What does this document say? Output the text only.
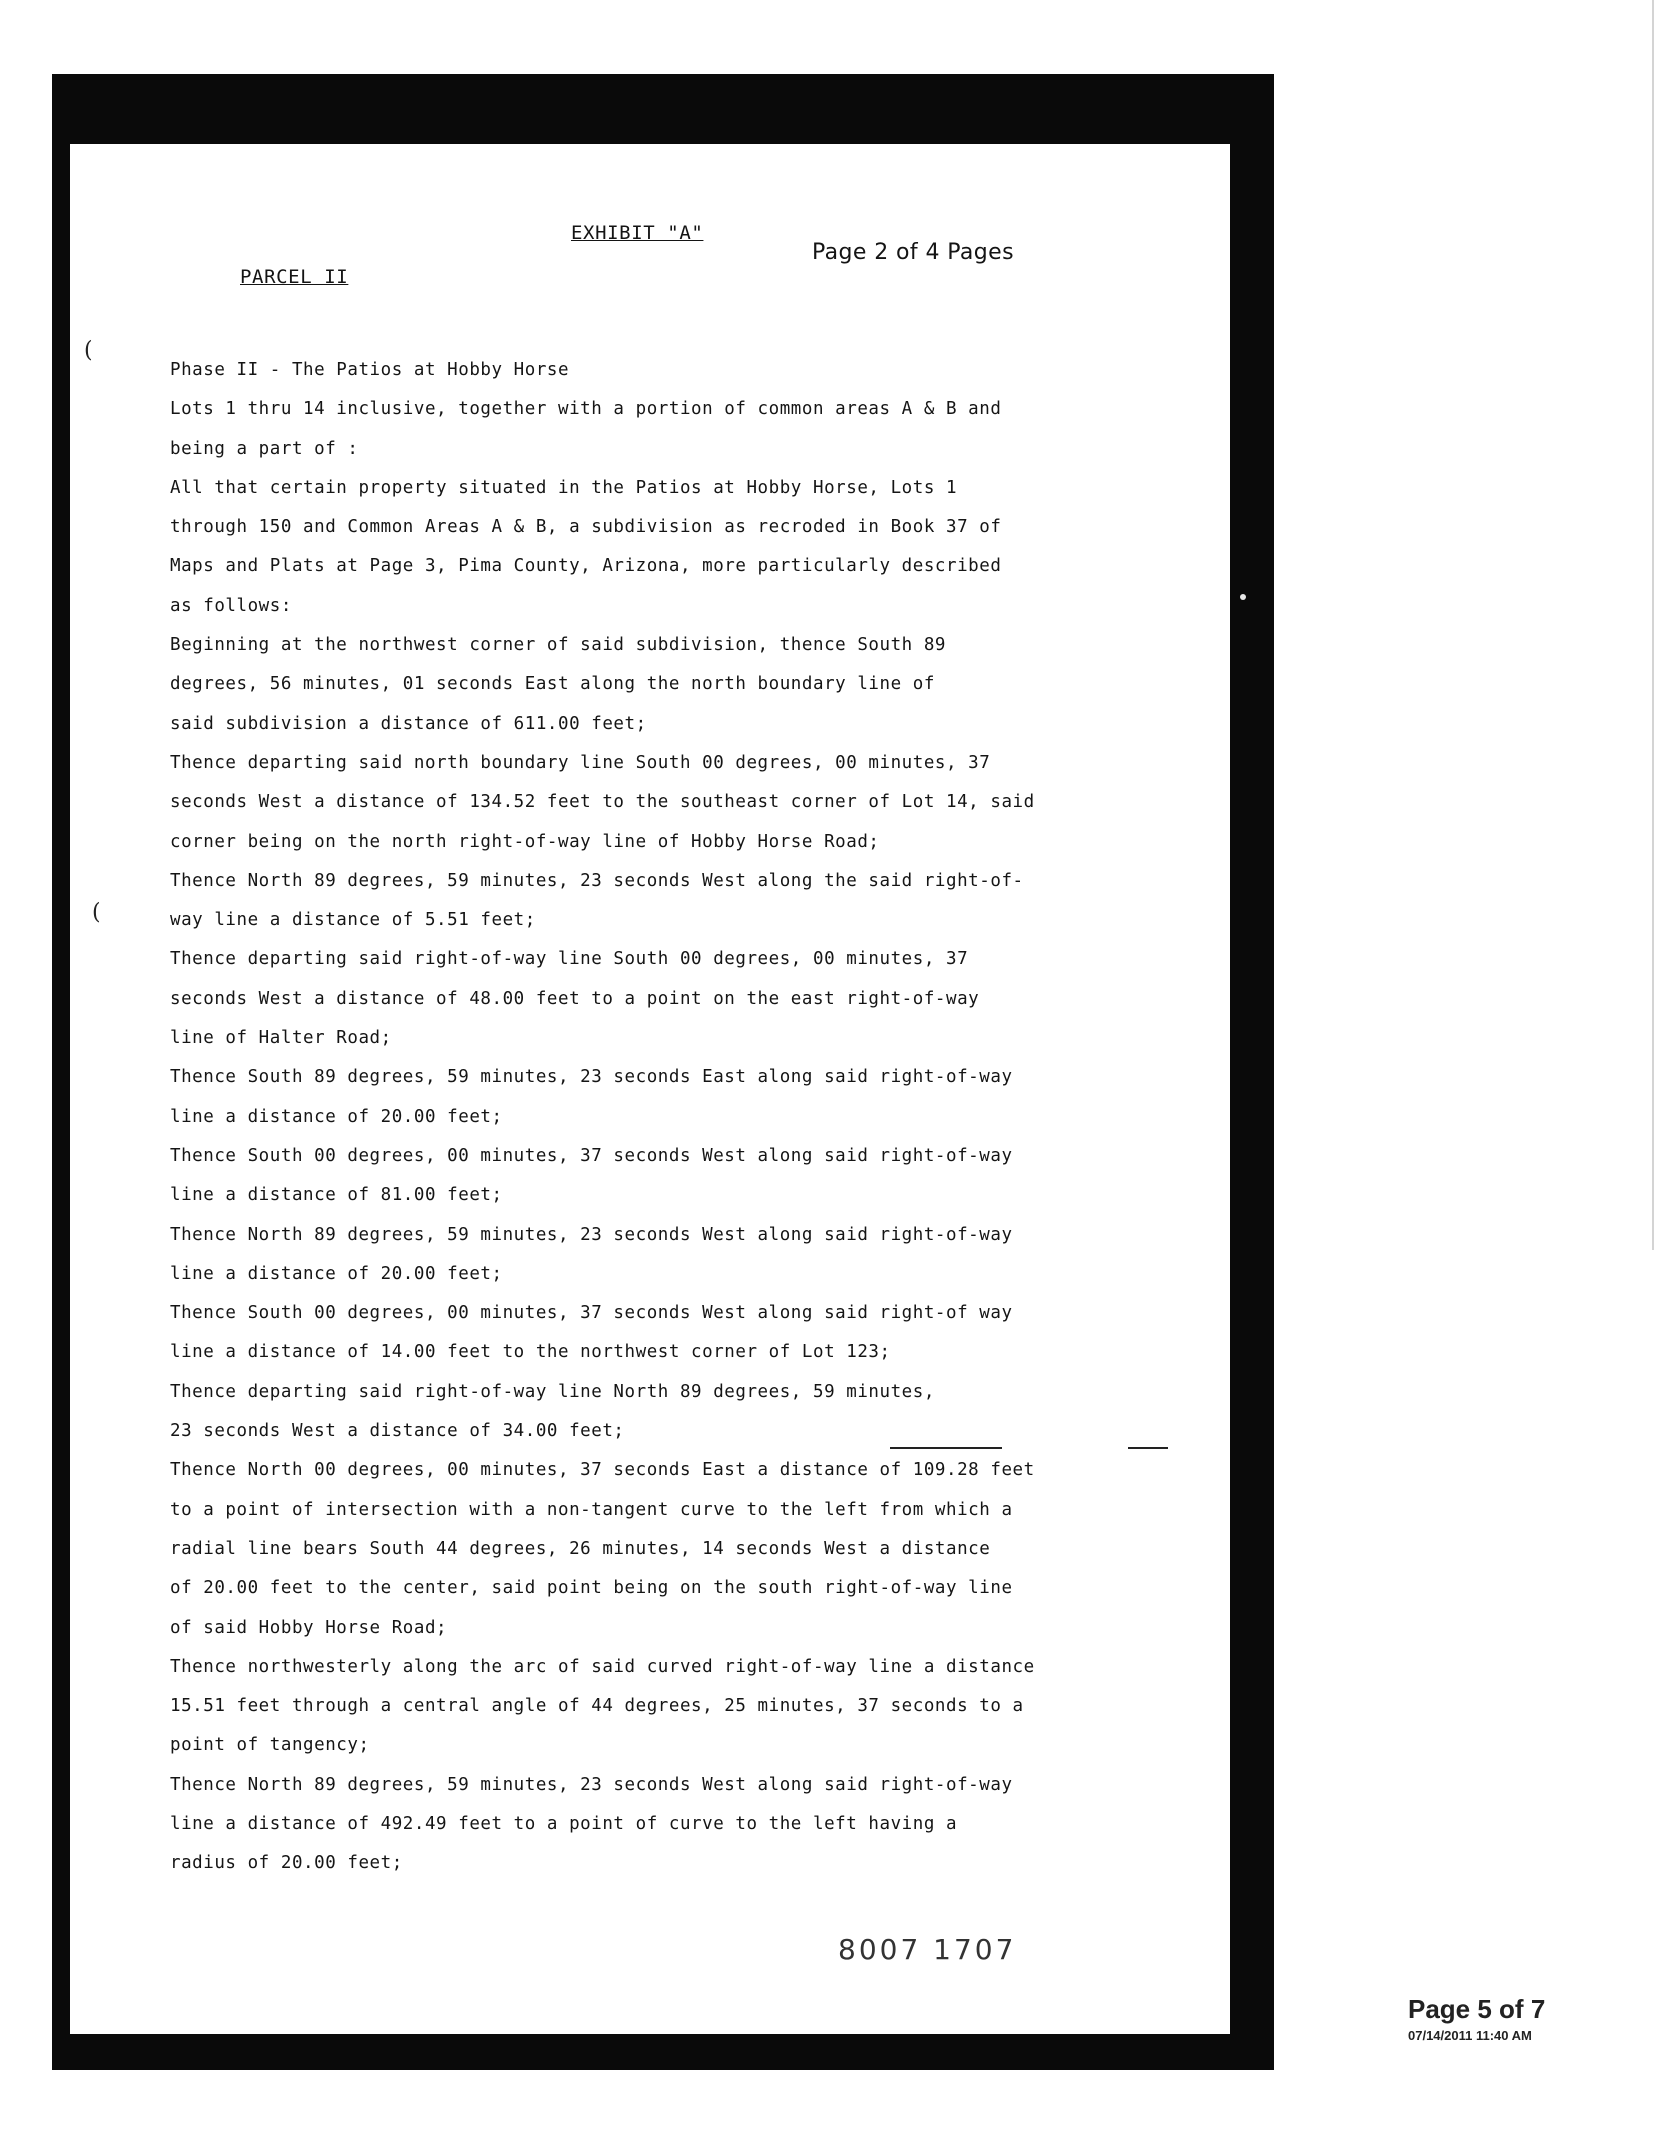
(
(
EXHIBIT "A"
Page 2 of 4 Pages
PARCEL II
Phase II - The Patios at Hobby Horse
Lots 1 thru 14 inclusive, together with a portion of common areas A & B and
being a part of :
All that certain property situated in the Patios at Hobby Horse, Lots 1
through 150 and Common Areas A & B, a subdivision as recroded in Book 37 of
Maps and Plats at Page 3, Pima County, Arizona, more particularly described
as follows:
Beginning at the northwest corner of said subdivision, thence South 89
degrees, 56 minutes, 01 seconds East along the north boundary line of
said subdivision a distance of 611.00 feet;
Thence departing said north boundary line South 00 degrees, 00 minutes, 37
seconds West a distance of 134.52 feet to the southeast corner of Lot 14, said
corner being on the north right-of-way line of Hobby Horse Road;
Thence North 89 degrees, 59 minutes, 23 seconds West along the said right-of-
way line a distance of 5.51 feet;
Thence departing said right-of-way line South 00 degrees, 00 minutes, 37
seconds West a distance of 48.00 feet to a point on the east right-of-way
line of Halter Road;
Thence South 89 degrees, 59 minutes, 23 seconds East along said right-of-way
line a distance of 20.00 feet;
Thence South 00 degrees, 00 minutes, 37 seconds West along said right-of-way
line a distance of 81.00 feet;
Thence North 89 degrees, 59 minutes, 23 seconds West along said right-of-way
line a distance of 20.00 feet;
Thence South 00 degrees, 00 minutes, 37 seconds West along said right-of way
line a distance of 14.00 feet to the northwest corner of Lot 123;
Thence departing said right-of-way line North 89 degrees, 59 minutes,
23 seconds West a distance of 34.00 feet;
Thence North 00 degrees, 00 minutes, 37 seconds East a distance of 109.28 feet
to a point of intersection with a non-tangent curve to the left from which a
radial line bears South 44 degrees, 26 minutes, 14 seconds West a distance
of 20.00 feet to the center, said point being on the south right-of-way line
of said Hobby Horse Road;
Thence northwesterly along the arc of said curved right-of-way line a distance
15.51 feet through a central angle of 44 degrees, 25 minutes, 37 seconds to a
point of tangency;
Thence North 89 degrees, 59 minutes, 23 seconds West along said right-of-way
line a distance of 492.49 feet to a point of curve to the left having a
radius of 20.00 feet;
8007 1707
Page 5 of 7
07/14/2011 11:40 AM
